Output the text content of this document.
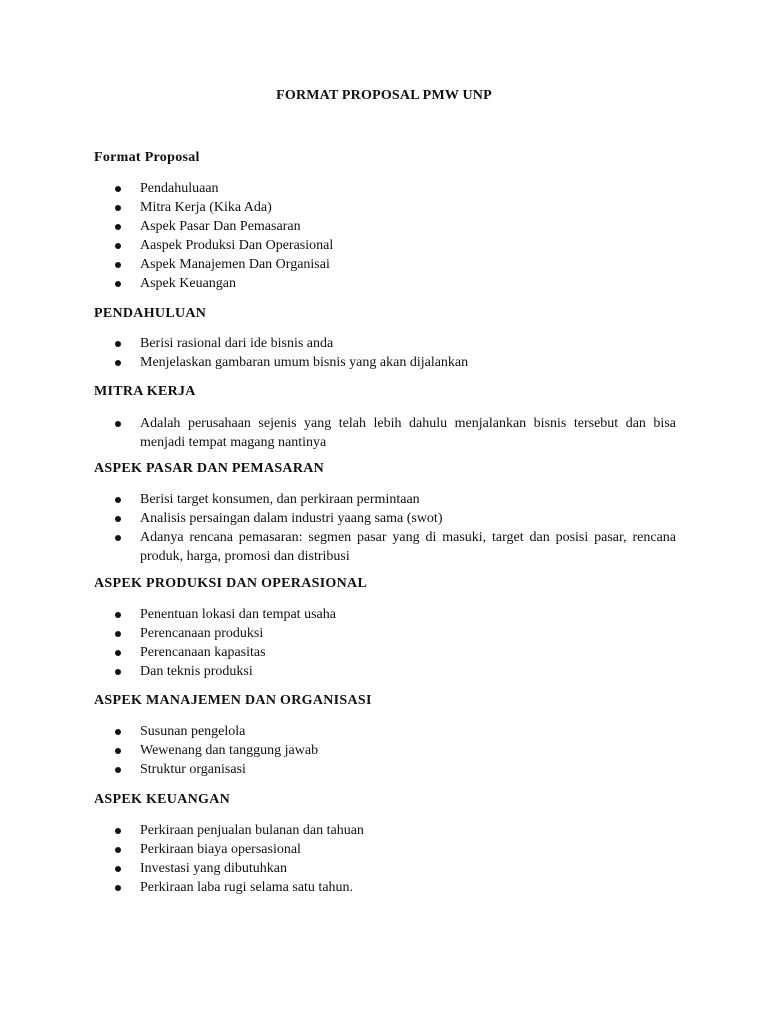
FORMAT PROPOSAL PMW UNP
Format Proposal
Pendahuluaan
Mitra Kerja (Kika Ada)
Aspek Pasar Dan Pemasaran
Aaspek Produksi Dan Operasional
Aspek Manajemen Dan Organisai
Aspek Keuangan
PENDAHULUAN
Berisi rasional dari ide bisnis anda
Menjelaskan gambaran umum bisnis yang akan dijalankan
MITRA KERJA
Adalah perusahaan sejenis yang telah lebih dahulu menjalankan bisnis tersebut dan bisa menjadi tempat magang nantinya
ASPEK PASAR DAN PEMASARAN
Berisi target konsumen, dan perkiraan permintaan
Analisis persaingan dalam industri yaang sama (swot)
Adanya rencana pemasaran: segmen pasar yang di masuki, target dan posisi pasar, rencana produk, harga, promosi dan distribusi
ASPEK PRODUKSI DAN OPERASIONAL
Penentuan lokasi dan tempat usaha
Perencanaan produksi
Perencanaan kapasitas
Dan teknis produksi
ASPEK MANAJEMEN DAN ORGANISASI
Susunan pengelola
Wewenang dan tanggung jawab
Struktur organisasi
ASPEK KEUANGAN
Perkiraan penjualan bulanan dan tahuan
Perkiraan biaya opersasional
Investasi yang dibutuhkan
Perkiraan laba rugi selama satu tahun.
